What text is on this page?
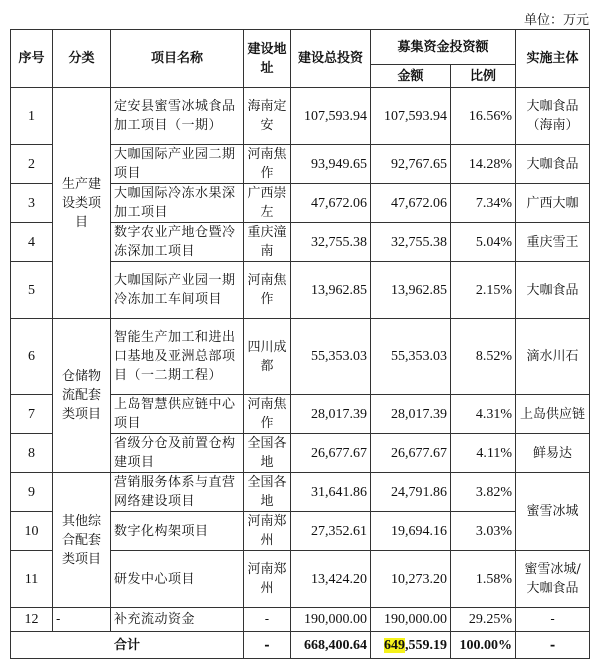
单位：万元
序号	分类	项目名称	建设地址	建设总投资	募集资金投资额		实施主体
					金额	比例	
1	生产建设类项目	定安县蜜雪冰城食品加工项目（一期）	海南定安	107,593.94	107,593.94	16.56%	大咖食品（海南）
2		大咖国际产业园二期项目	河南焦作	93,949.65	92,767.65	14.28%	大咖食品
3		大咖国际冷冻水果深加工项目	广西崇左	47,672.06	47,672.06	7.34%	广西大咖
4		数字农业产地仓暨冷冻深加工项目	重庆潼南	32,755.38	32,755.38	5.04%	重庆雪王
5		大咖国际产业园一期冷冻加工车间项目	河南焦作	13,962.85	13,962.85	2.15%	大咖食品
6	仓储物流配套类项目	智能生产加工和进出口基地及亚洲总部项目（一二期工程）	四川成都	55,353.03	55,353.03	8.52%	滴水川石
7		上岛智慧供应链中心项目	河南焦作	28,017.39	28,017.39	4.31%	上岛供应链
8		省级分仓及前置仓构建项目	全国各地	26,677.67	26,677.67	4.11%	鲜易达
9	其他综合配套类项目	营销服务体系与直营网络建设项目	全国各地	31,641.86	24,791.86	3.82%	蜜雪冰城
10		数字化构架项目	河南郑州	27,352.61	19,694.16	3.03%	
11		研发中心项目	河南郑州	13,424.20	10,273.20	1.58%	蜜雪冰城/大咖食品
12	-	补充流动资金	-	190,000.00	190,000.00	29.25%	-
合计			-	668,400.64	649,559.19	100.00%	-
